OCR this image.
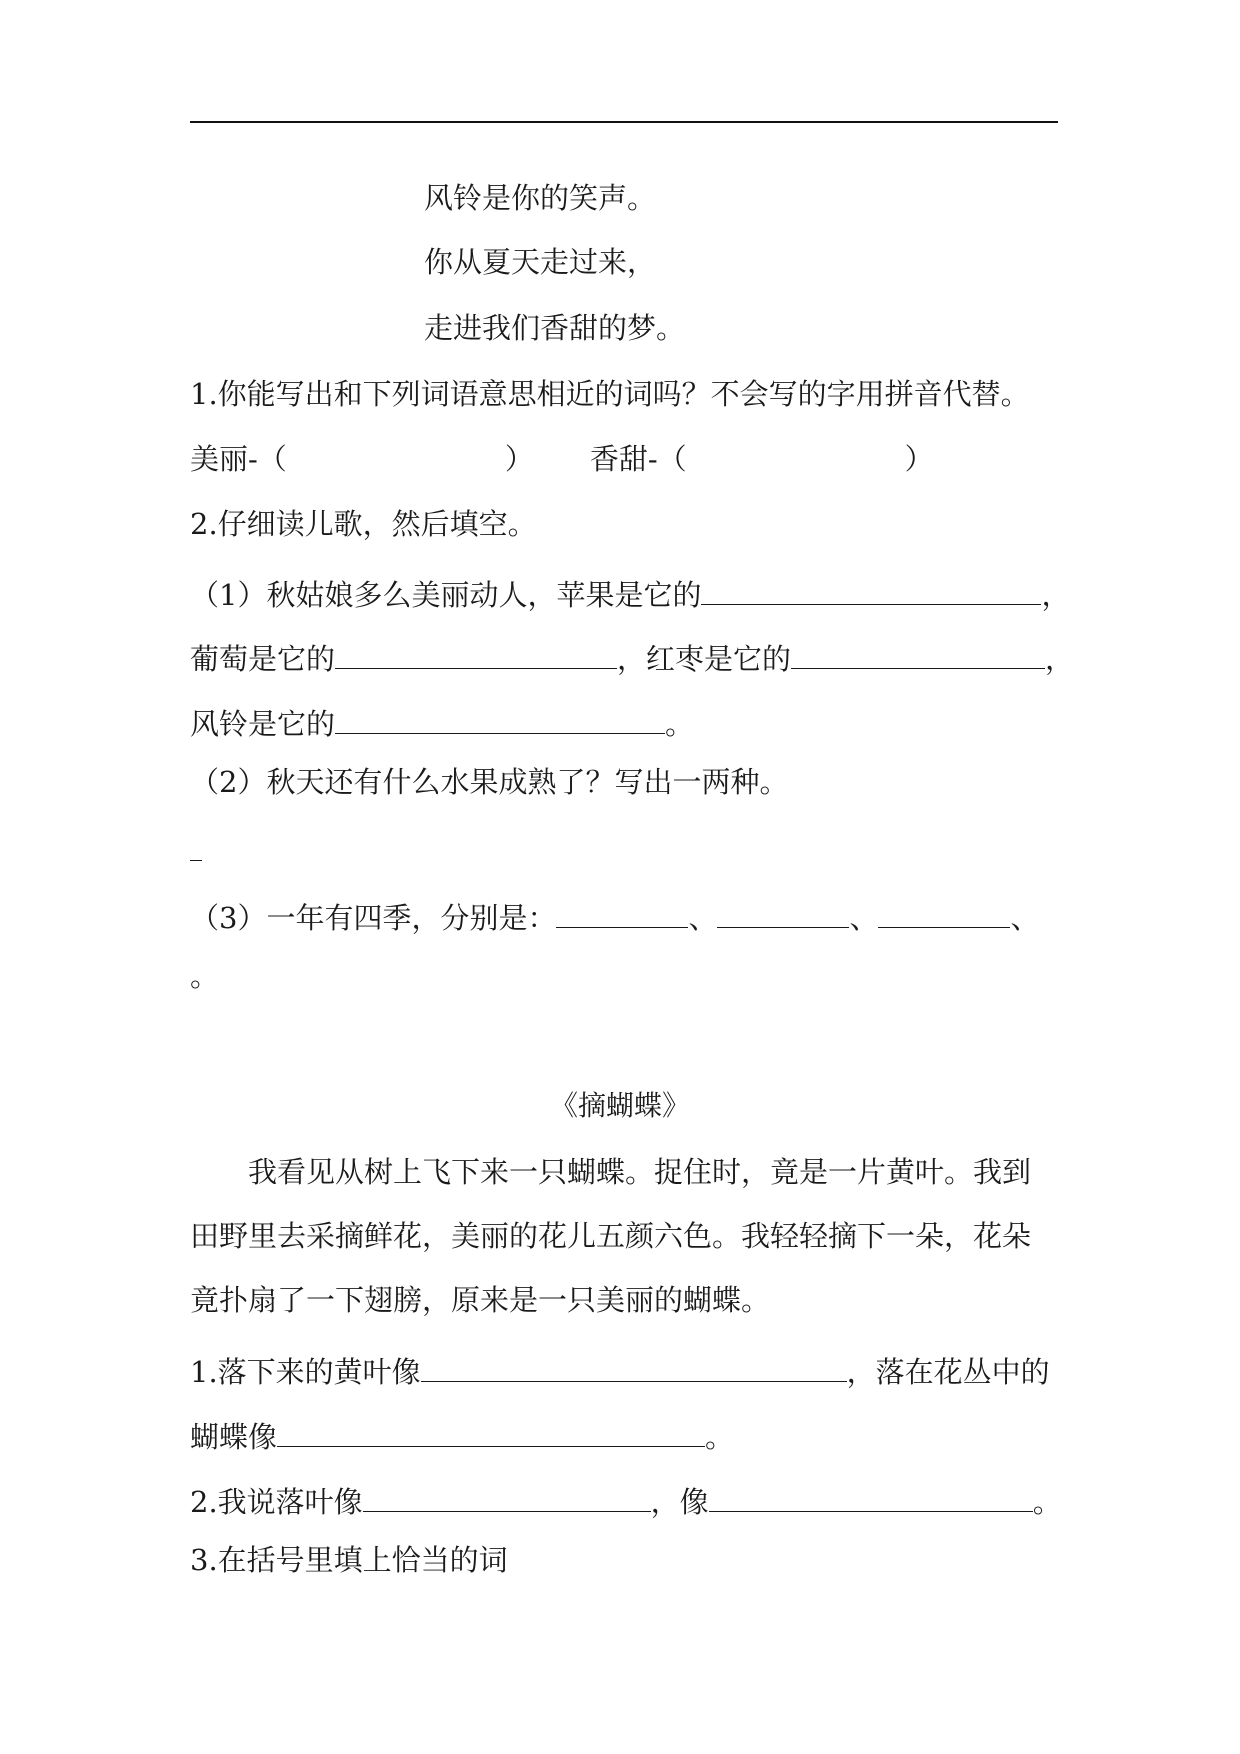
风铃是你的笑声。
你从夏天走过来，
走进我们香甜的梦。
1.你能写出和下列词语意思相近的词吗？不会写的字用拼音代替。
美丽-（	） 香甜-（	）
2.仔细读儿歌，然后填空。
（1）秋姑娘多么美丽动人，苹果是它的	，
葡萄是它的	，红枣是它的	，
风铃是它的	。
（2）秋天还有什么水果成熟了？写出一两种。
（3）一年有四季，分别是：	、	、	、
。
《摘蝴蝶》
我看见从树上飞下来一只蝴蝶。捉住时，竟是一片黄叶。我到
田野里去采摘鲜花，美丽的花儿五颜六色。我轻轻摘下一朵，花朵
竟扑扇了一下翅膀，原来是一只美丽的蝴蝶。
1.落下来的黄叶像	，落在花丛中的
蝴蝶像	。
2.我说落叶像	，像	。
3.在括号里填上恰当的词
